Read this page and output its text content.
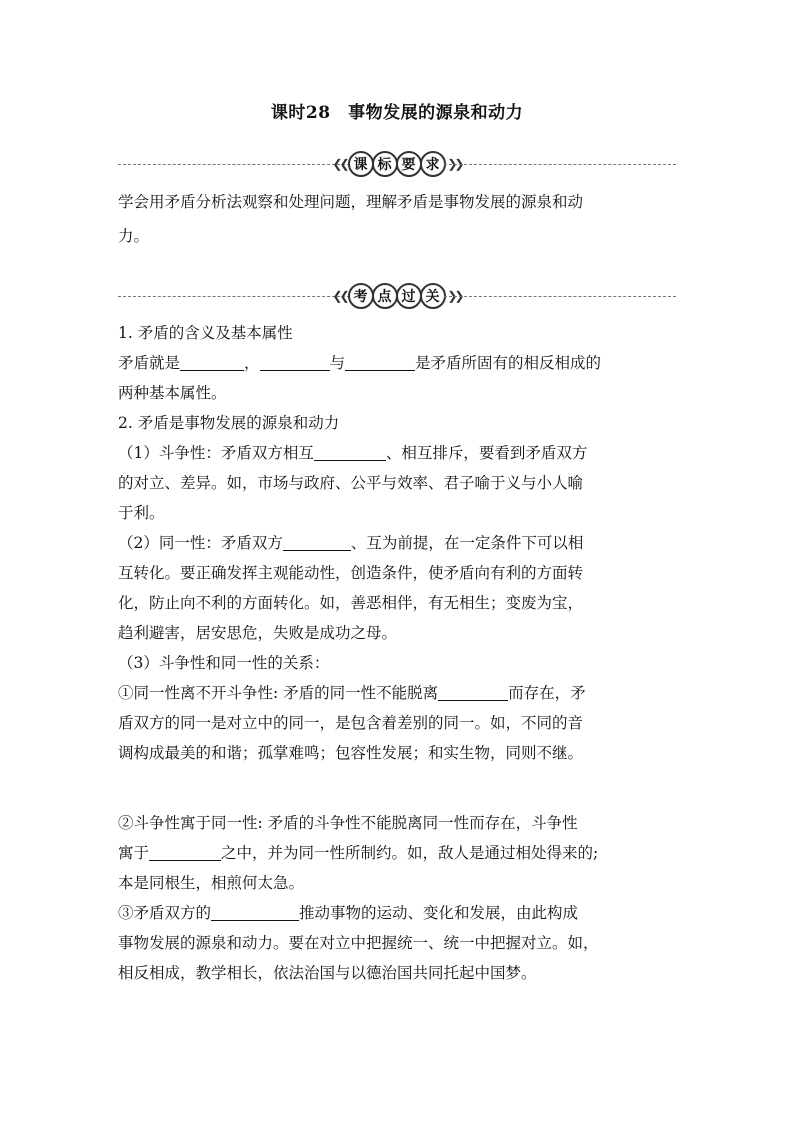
课时28　事物发展的源泉和动力
❮❮ 课 标 要 求 ❯❯
学会用矛盾分析法观察和处理问题，理解矛盾是事物发展的源泉和动
力。
❮❮ 考 点 过 关 ❯❯
1. 矛盾的含义及基本属性
矛盾就是	，	与	是矛盾所固有的相反相成的
两种基本属性。
2. 矛盾是事物发展的源泉和动力
（1）斗争性：矛盾双方相互	、相互排斥，要看到矛盾双方
的对立、差异。如，市场与政府、公平与效率、君子喻于义与小人喻
于利。
（2）同一性：矛盾双方	、互为前提，在一定条件下可以相
互转化。要正确发挥主观能动性，创造条件，使矛盾向有利的方面转
化，防止向不利的方面转化。如，善恶相伴，有无相生；变废为宝，
趋利避害，居安思危，失败是成功之母。
（3）斗争性和同一性的关系：
①同一性离不开斗争性: 矛盾的同一性不能脱离	而存在，矛
盾双方的同一是对立中的同一，是包含着差别的同一。如，不同的音
调构成最美的和谐；孤掌难鸣；包容性发展；和实生物，同则不继。
②斗争性寓于同一性: 矛盾的斗争性不能脱离同一性而存在，斗争性
寓于	之中，并为同一性所制约。如，敌人是通过相处得来的;
本是同根生，相煎何太急。
③矛盾双方的	推动事物的运动、变化和发展，由此构成
事物发展的源泉和动力。要在对立中把握统一、统一中把握对立。如，
相反相成，教学相长，依法治国与以德治国共同托起中国梦。
